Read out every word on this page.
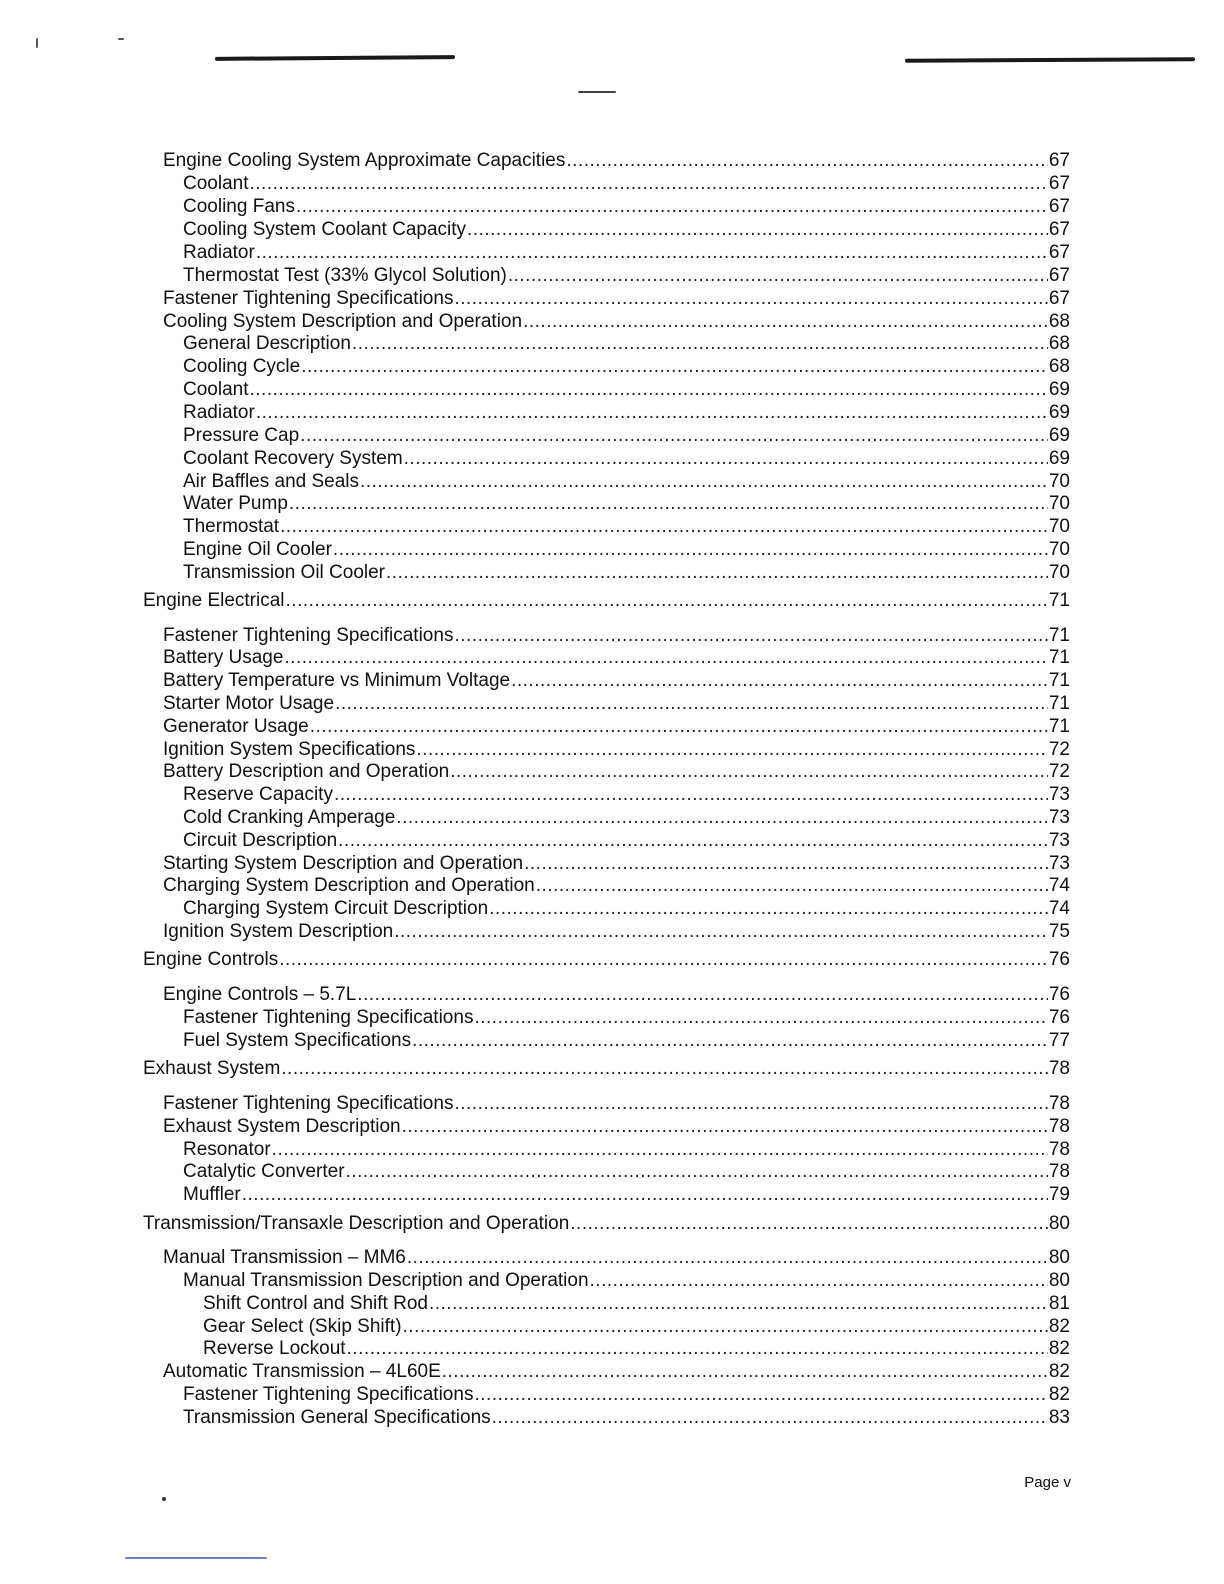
Engine Cooling System Approximate Capacities .....	67
Coolant .....	67
Cooling Fans .....	67
Cooling System Coolant Capacity .....	67
Radiator .....	67
Thermostat Test (33% Glycol Solution) .....	67
Fastener Tightening Specifications .....	67
Cooling System Description and Operation .....	68
General Description .....	68
Cooling Cycle .....	68
Coolant .....	69
Radiator .....	69
Pressure Cap .....	69
Coolant Recovery System .....	69
Air Baffles and Seals .....	70
Water Pump .....	70
Thermostat .....	70
Engine Oil Cooler .....	70
Transmission Oil Cooler .....	70
Engine Electrical .....	71
Fastener Tightening Specifications .....	71
Battery Usage .....	71
Battery Temperature vs Minimum Voltage .....	71
Starter Motor Usage .....	71
Generator Usage .....	71
Ignition System Specifications .....	72
Battery Description and Operation .....	72
Reserve Capacity .....	73
Cold Cranking Amperage .....	73
Circuit Description .....	73
Starting System Description and Operation .....	73
Charging System Description and Operation .....	74
Charging System Circuit Description .....	74
Ignition System Description .....	75
Engine Controls .....	76
Engine Controls – 5.7L .....	76
Fastener Tightening Specifications .....	76
Fuel System Specifications .....	77
Exhaust System .....	78
Fastener Tightening Specifications .....	78
Exhaust System Description .....	78
Resonator .....	78
Catalytic Converter .....	78
Muffler .....	79
Transmission/Transaxle Description and Operation .....	80
Manual Transmission – MM6 .....	80
Manual Transmission Description and Operation .....	80
Shift Control and Shift Rod .....	81
Gear Select (Skip Shift) .....	82
Reverse Lockout .....	82
Automatic Transmission – 4L60E .....	82
Fastener Tightening Specifications .....	82
Transmission General Specifications .....	83
Page v
